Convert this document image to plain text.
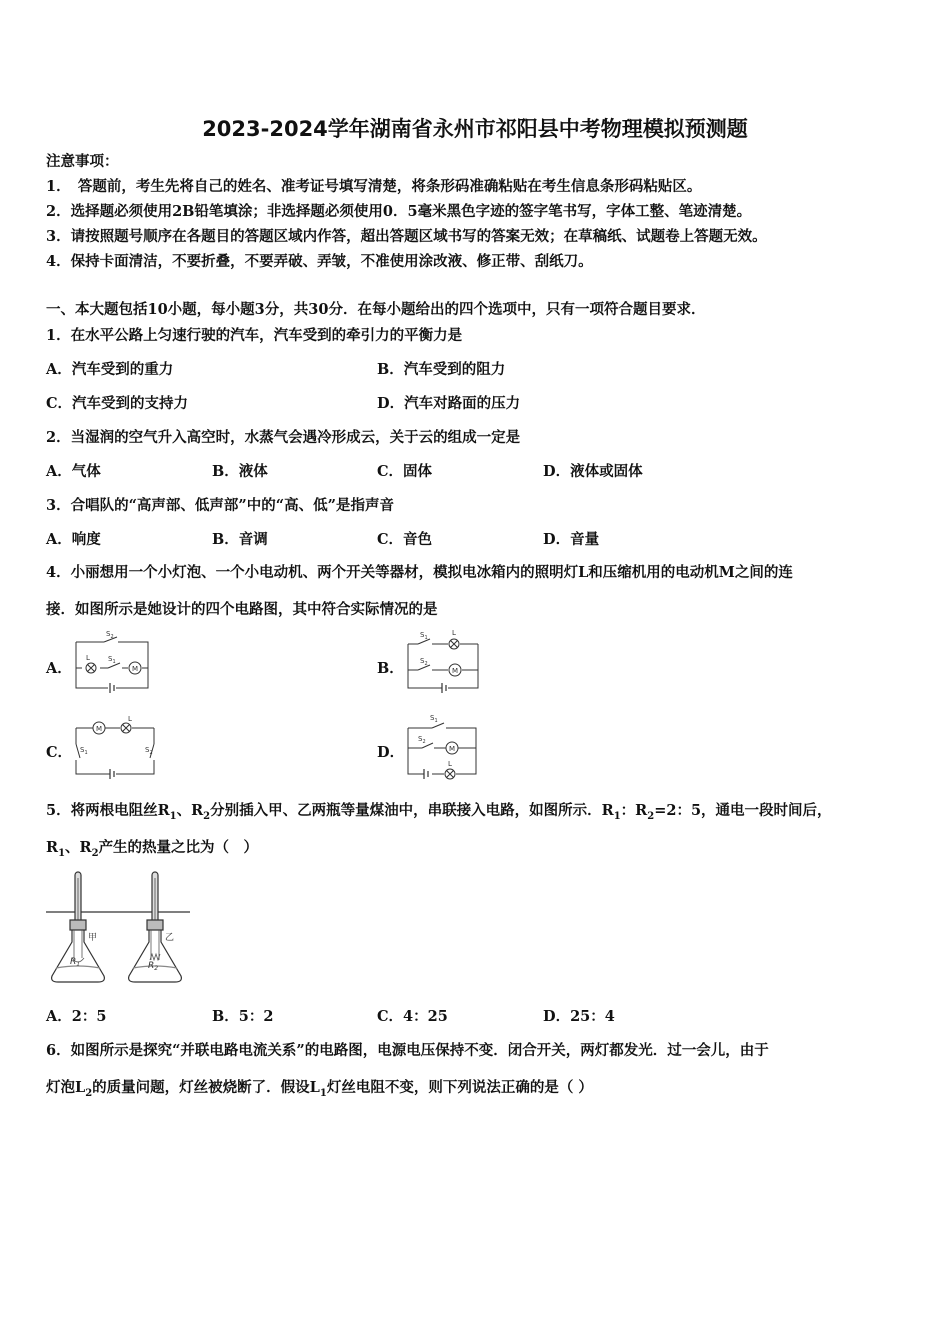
2023-2024学年湖南省永州市祁阳县中考物理模拟预测题
注意事项：
1．　答题前，考生先将自己的姓名、准考证号填写清楚，将条形码准确粘贴在考生信息条形码粘贴区。
2．选择题必须使用2B铅笔填涂；非选择题必须使用0．5毫米黑色字迹的签字笔书写，字体工整、笔迹清楚。
3．请按照题号顺序在各题目的答题区域内作答，超出答题区域书写的答案无效；在草稿纸、试题卷上答题无效。
4．保持卡面清洁，不要折叠，不要弄破、弄皱，不准使用涂改液、修正带、刮纸刀。
一、本大题包括10小题，每小题3分，共30分．在每小题给出的四个选项中，只有一项符合题目要求．
1．在水平公路上匀速行驶的汽车，汽车受到的牵引力的平衡力是
A．汽车受到的重力	B．汽车受到的阻力
C．汽车受到的支持力	D．汽车对路面的压力
2．当湿润的空气升入高空时，水蒸气会遇冷形成云，关于云的组成一定是
A．气体	B．液体	C．固体	D．液体或固体
3．合唱队的“高声部、低声部”中的“高、低”是指声音
A．响度	B．音调	C．音色	D．音量
4．小丽想用一个小灯泡、一个小电动机、两个开关等器材，模拟电冰箱内的照明灯L和压缩机用的电动机M之间的连
接．如图所示是她设计的四个电路图，其中符合实际情况的是
A．	B．
C．	D．
$S_2$
L	$S_1$
M
$S_1$
L
$S_2$
M
M
L
$S_1$	$S_2$
$S_1$
$S_2$
M
L
5．将两根电阻丝$R_1$、$R_2$分别插入甲、乙两瓶等量煤油中，串联接入电路，如图所示．$R_1$：$R_2=2$：5，通电一段时间后，
$R_1$、$R_2$产生的热量之比为（　）
甲	乙
$R_1$	$R_2$
A．2：5	B．5：2	C．4：25	D．25：4
6．如图所示是探究“并联电路电流关系”的电路图，电源电压保持不变．闭合开关，两灯都发光．过一会儿，由于
灯泡$L_2$的质量问题，灯丝被烧断了．假设$L_1$灯丝电阻不变，则下列说法正确的是（ ）
